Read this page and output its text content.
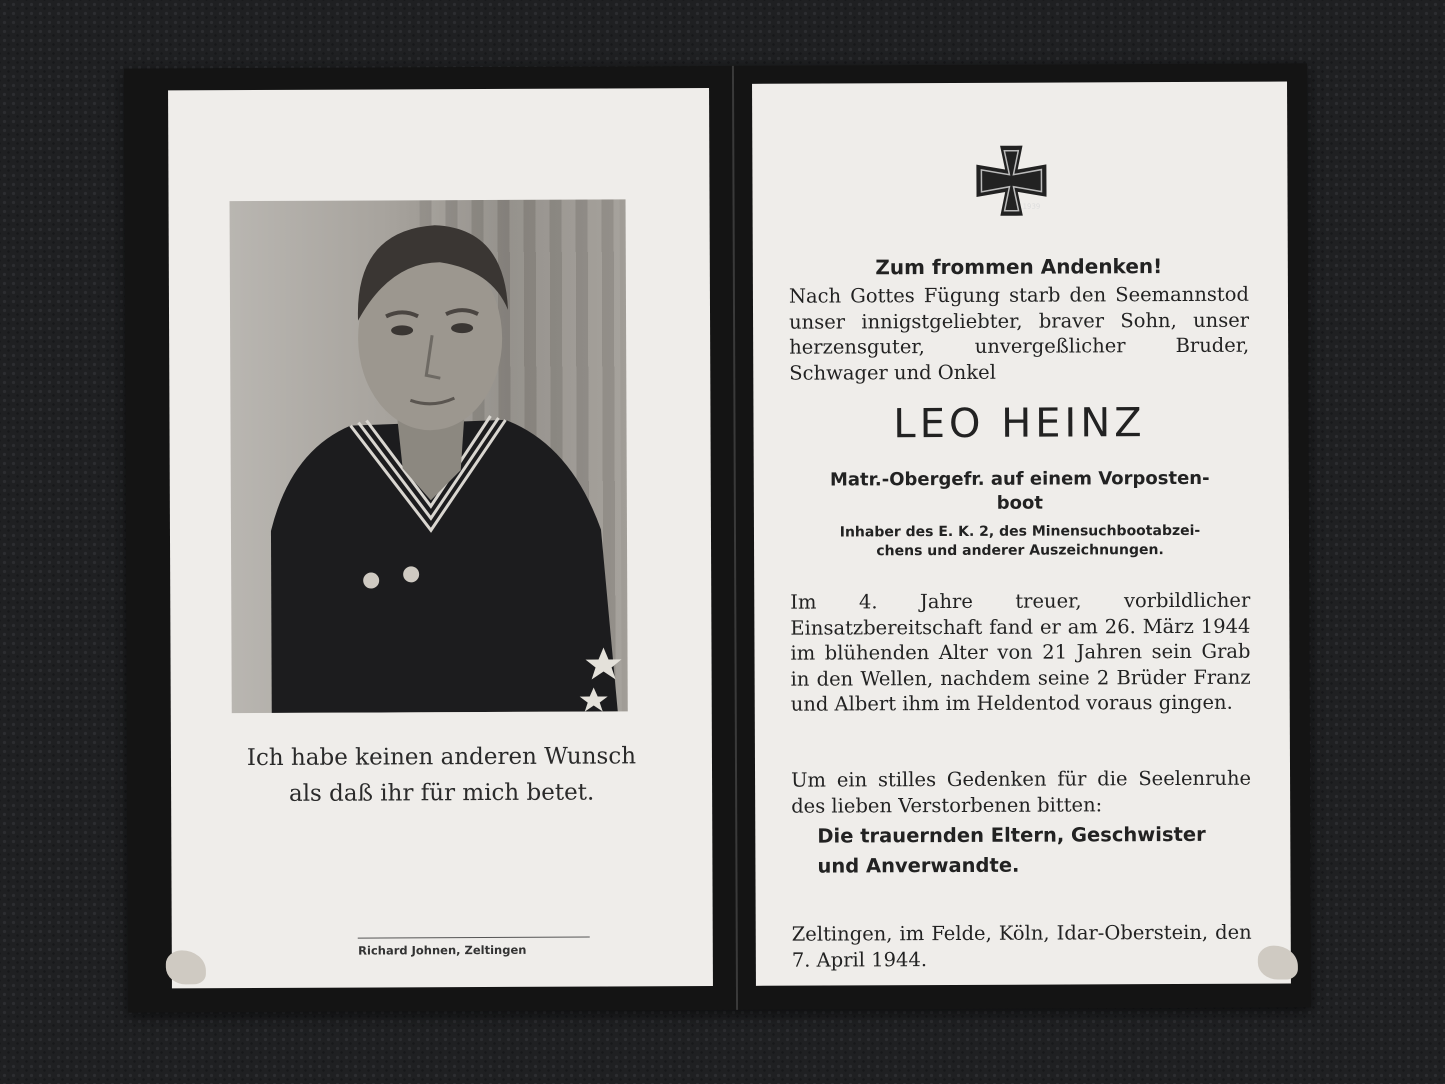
Ich habe keinen anderen Wunsch
als daß ihr für mich betet.
Richard Johnen, Zeltingen
1939
Zum frommen Andenken!
Nach Gottes Fügung starb den Seemannstod unser innigstgeliebter, braver Sohn, unser herzensguter, unvergeßlicher Bruder, Schwager und Onkel
LEO HEINZ
Matr.-Obergefr. auf einem Vorposten-
boot
Inhaber des E. K. 2, des Minensuchbootabzei-
chens und anderer Auszeichnungen.
Im 4. Jahre treuer, vorbildlicher Einsatzbereitschaft fand er am 26. März 1944 im blühenden Alter von 21 Jahren sein Grab in den Wellen, nachdem seine 2 Brüder Franz und Albert ihm im Heldentod voraus gingen.
Um ein stilles Gedenken für die Seelenruhe des lieben Verstorbenen bitten:
Die trauernden Eltern, Geschwister
und Anverwandte.
Zeltingen, im Felde, Köln, Idar-Oberstein, den 7. April 1944.
